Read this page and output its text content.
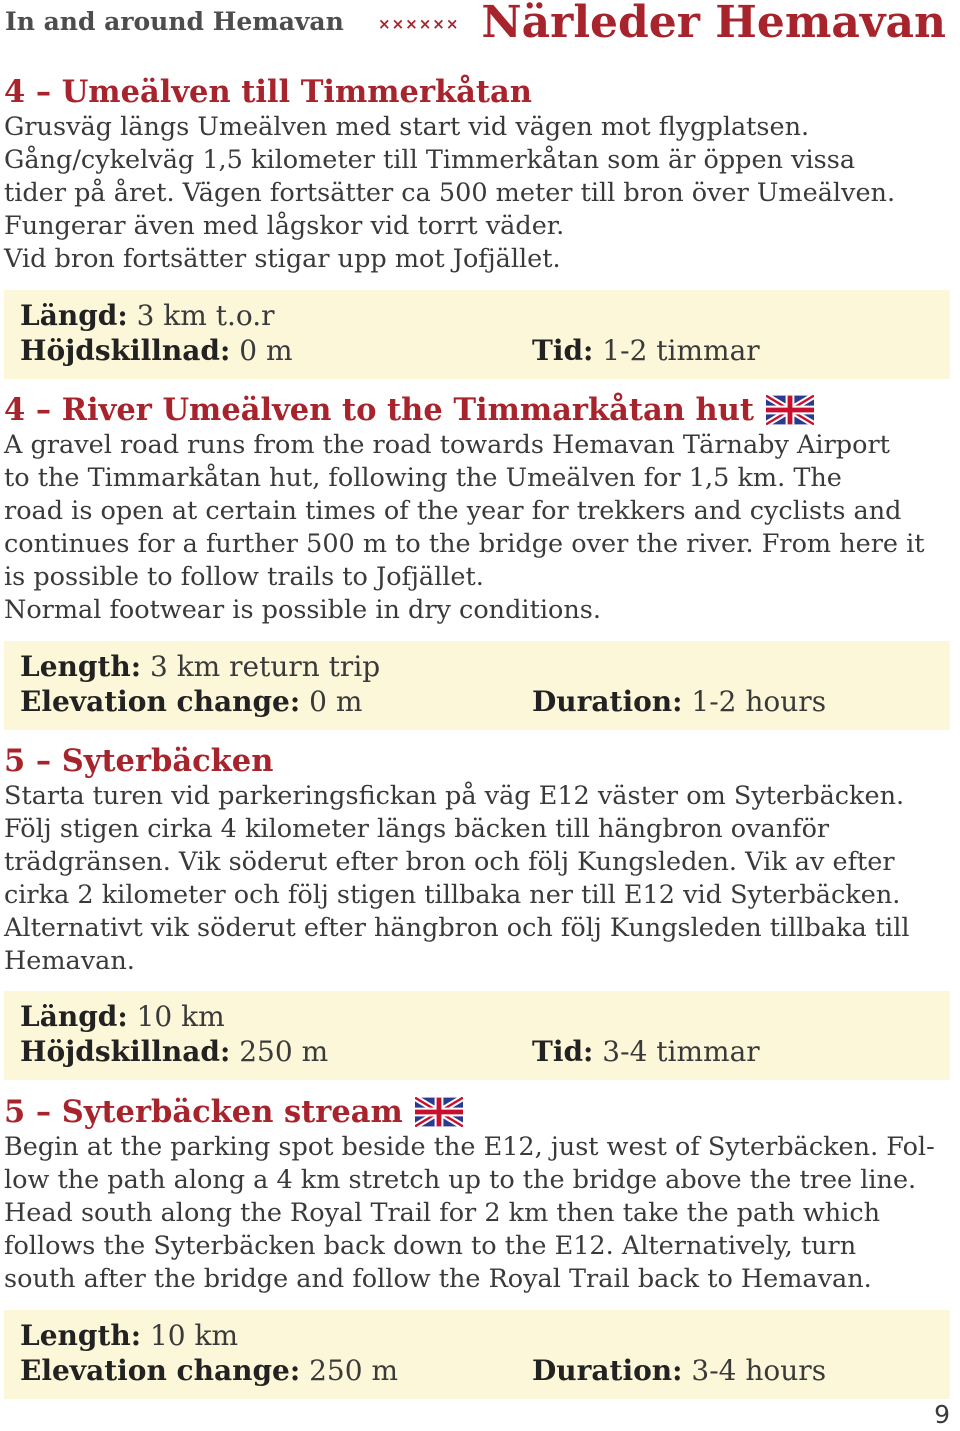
In and around Hemavan ×××××× Närleder Hemavan
4 – Umeälven till Timmerkåtan
Grusväg längs Umeälven med start vid vägen mot flygplatsen.
Gång/cykelväg 1,5 kilometer till Timmerkåtan som är öppen vissa
tider på året. Vägen fortsätter ca 500 meter till bron över Umeälven.
Fungerar även med lågskor vid torrt väder.
Vid bron fortsätter stigar upp mot Jofjället.
Längd: 3 km t.o.r
Höjdskillnad: 0 m	Tid: 1-2 timmar
4 – River Umeälven to the Timmarkåtan hut
A gravel road runs from the road towards Hemavan Tärnaby Airport
to the Timmarkåtan hut, following the Umeälven for 1,5 km. The
road is open at certain times of the year for trekkers and cyclists and
continues for a further 500 m to the bridge over the river. From here it
is possible to follow trails to Jofjället.
Normal footwear is possible in dry conditions.
Length: 3 km return trip
Elevation change: 0 m	Duration: 1-2 hours
5 – Syterbäcken
Starta turen vid parkeringsfickan på väg E12 väster om Syterbäcken.
Följ stigen cirka 4 kilometer längs bäcken till hängbron ovanför
trädgränsen. Vik söderut efter bron och följ Kungsleden. Vik av efter
cirka 2 kilometer och följ stigen tillbaka ner till E12 vid Syterbäcken.
Alternativt vik söderut efter hängbron och följ Kungsleden tillbaka till
Hemavan.
Längd: 10 km
Höjdskillnad: 250 m	Tid: 3-4 timmar
5 – Syterbäcken stream
Begin at the parking spot beside the E12, just west of Syterbäcken. Fol-
low the path along a 4 km stretch up to the bridge above the tree line.
Head south along the Royal Trail for 2 km then take the path which
follows the Syterbäcken back down to the E12. Alternatively, turn
south after the bridge and follow the Royal Trail back to Hemavan.
Length: 10 km
Elevation change: 250 m	Duration: 3-4 hours
9
